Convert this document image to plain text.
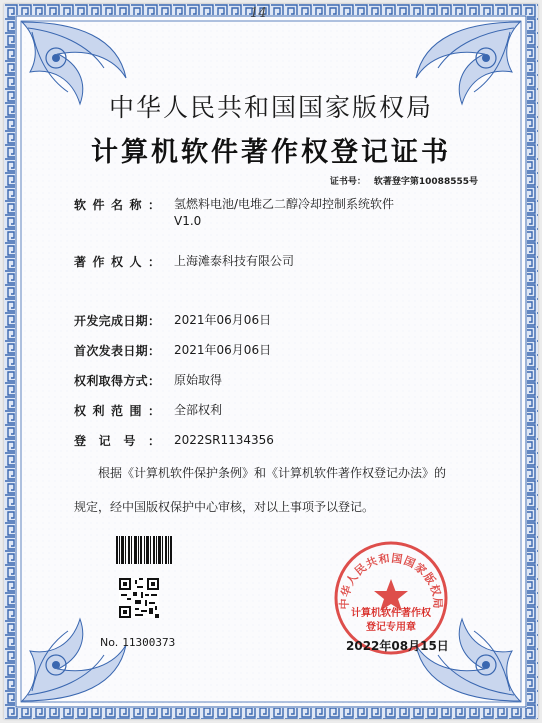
14
中华人民共和国国家版权局
计算机软件著作权登记证书
证书号： 软著登字第10088555号
软件名称： 氢燃料电池/电堆乙二醇冷却控制系统软件
V1.0
著作权人： 上海滩泰科技有限公司
开发完成日期： 2021年06月06日
首次发表日期： 2021年06月06日
权利取得方式： 原始取得
权利范围： 全部权利
登记号： 2022SR1134356
根据《计算机软件保护条例》和《计算机软件著作权登记办法》的
规定，经中国版权保护中心审核，对以上事项予以登记。
No. 11300373
中华人民共和国国家版权局
计算机软件著作权
登记专用章
2022年08月15日
